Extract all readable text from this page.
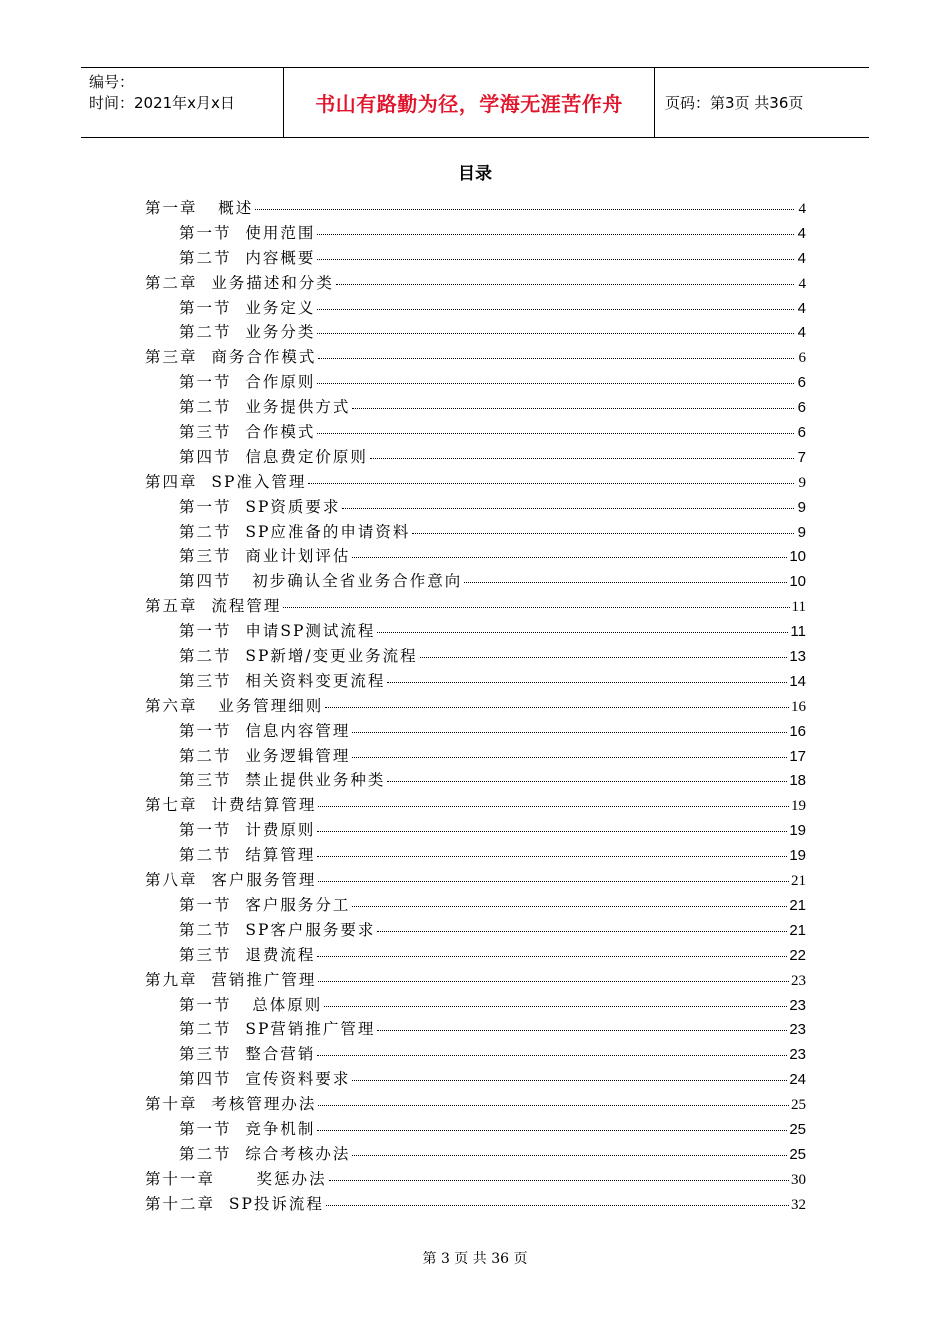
编号：
时间：2021年x月x日	书山有路勤为径，学海无涯苦作舟	页码：第3页 共36页
目录
第一章   概述	4
第一节  使用范围	4
第二节  内容概要	4
第二章  业务描述和分类	4
第一节  业务定义	4
第二节  业务分类	4
第三章  商务合作模式	6
第一节  合作原则	6
第二节  业务提供方式	6
第三节  合作模式	6
第四节  信息费定价原则	7
第四章  SP准入管理	9
第一节  SP资质要求	9
第二节  SP应准备的申请资料	9
第三节  商业计划评估	10
第四节   初步确认全省业务合作意向	10
第五章  流程管理	11
第一节  申请SP测试流程	11
第二节  SP新增/变更业务流程	13
第三节  相关资料变更流程	14
第六章   业务管理细则	16
第一节  信息内容管理	16
第二节  业务逻辑管理	17
第三节  禁止提供业务种类	18
第七章  计费结算管理	19
第一节  计费原则	19
第二节  结算管理	19
第八章  客户服务管理	21
第一节  客户服务分工	21
第二节  SP客户服务要求	21
第三节  退费流程	22
第九章  营销推广管理	23
第一节   总体原则	23
第二节  SP营销推广管理	23
第三节  整合营销	23
第四节  宣传资料要求	24
第十章  考核管理办法	25
第一节  竞争机制	25
第二节  综合考核办法	25
第十一章      奖惩办法	30
第十二章  SP投诉流程	32
第 3 页 共 36 页
